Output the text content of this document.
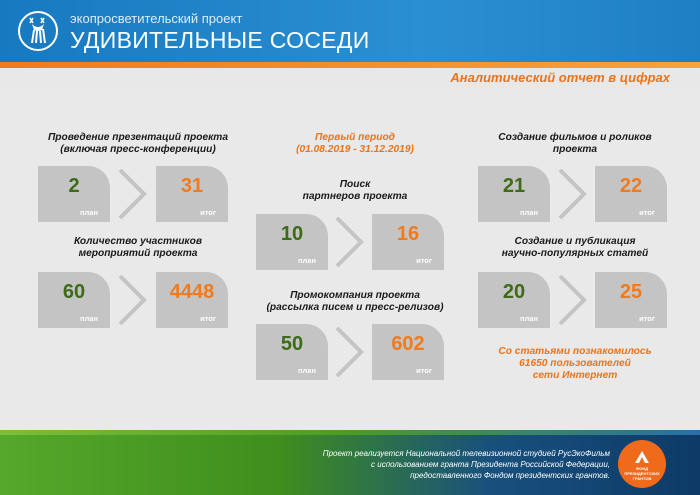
экопросветительский проект
УДИВИТЕЛЬНЫЕ СОСЕДИ
Аналитический отчет в цифрах
Проведение презентаций проекта
(включая пресс-конференции)
2
план
31
итог
Количество участников
мероприятий проекта
60
план
4448
итог
Первый период
(01.08.2019 - 31.12.2019)
Поиск
партнеров проекта
10
план
16
итог
Промокомпания проекта
(рассылка писем и пресс-релизов)
50
план
602
итог
Создание фильмов и роликов
проекта
21
план
22
итог
Создание и публикация
научно-популярных статей
20
план
25
итог
Со статьями познакомилось
61650 пользователей
сети Интернет
Проект реализуется Национальной телевизионной студией РусЭкоФильм
с использованием гранта Президента Российской Федерации,
предоставленного Фондом президентских грантов.
ФОНД
ПРЕЗИДЕНТСКИХ
ГРАНТОВ
